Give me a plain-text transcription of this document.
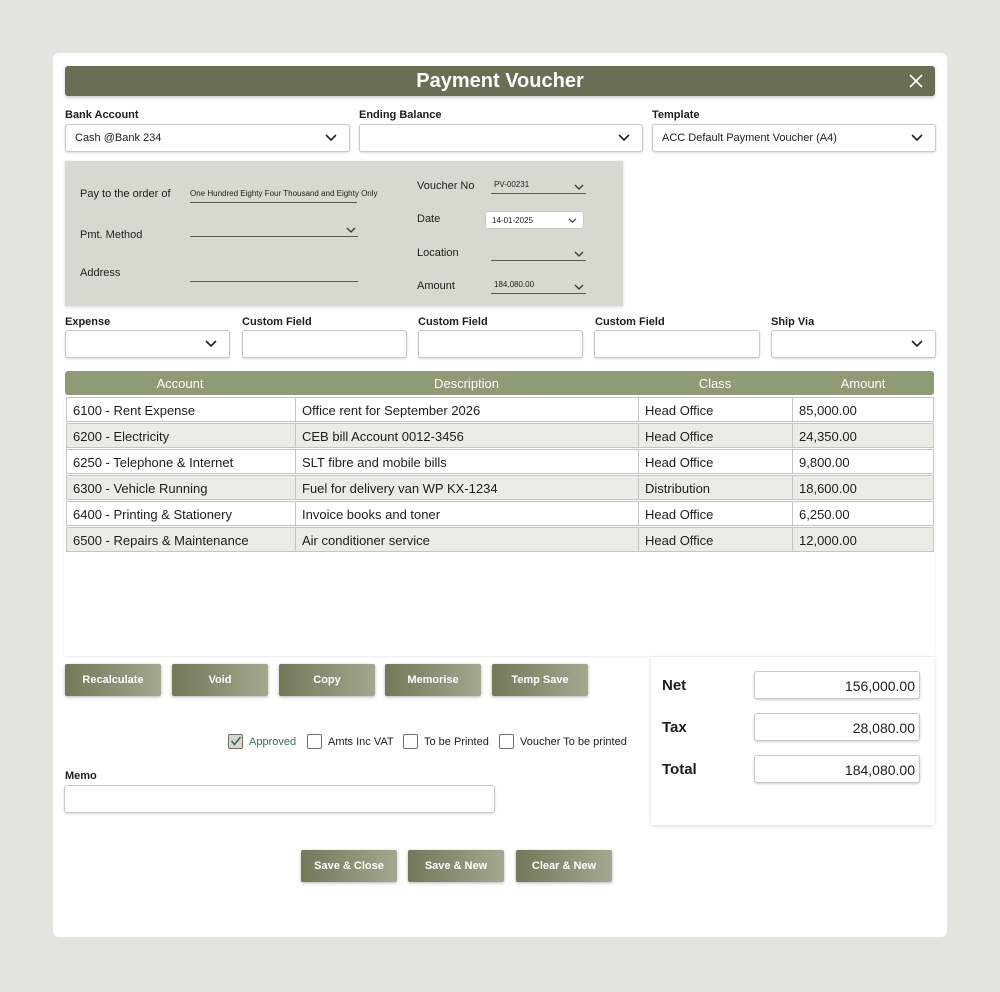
Payment Voucher
Bank Account
Cash @Bank 234
Ending Balance	Template
ACC Default Payment Voucher (A4)
Pay to the order of One Hundred Eighty Four Thousand and Eighty Only
Pmt. Method
Address
Voucher No	PV-00231
Date	14-01-2025
Location
Amount	184,080.00
Expense	Custom Field	Custom Field	Custom Field	Ship Via
Account	Description	Class	Amount
6100 - Rent Expense	Office rent for September 2026	Head Office	85,000.00
6200 - Electricity	CEB bill Account 0012-3456	Head Office	24,350.00
6250 - Telephone & Internet	SLT fibre and mobile bills	Head Office	9,800.00
6300 - Vehicle Running	Fuel for delivery van WP KX-1234	Distribution	18,600.00
6400 - Printing & Stationery	Invoice books and toner	Head Office	6,250.00
6500 - Repairs & Maintenance	Air conditioner service	Head Office	12,000.00
Recalculate	Void	Copy	Memorise	Temp Save
Approved	Amts Inc VAT	To be Printed	Voucher To be printed
Memo
Net	156,000.00
Tax	28,080.00
Total	184,080.00
Save & Close	Save & New	Clear & New
